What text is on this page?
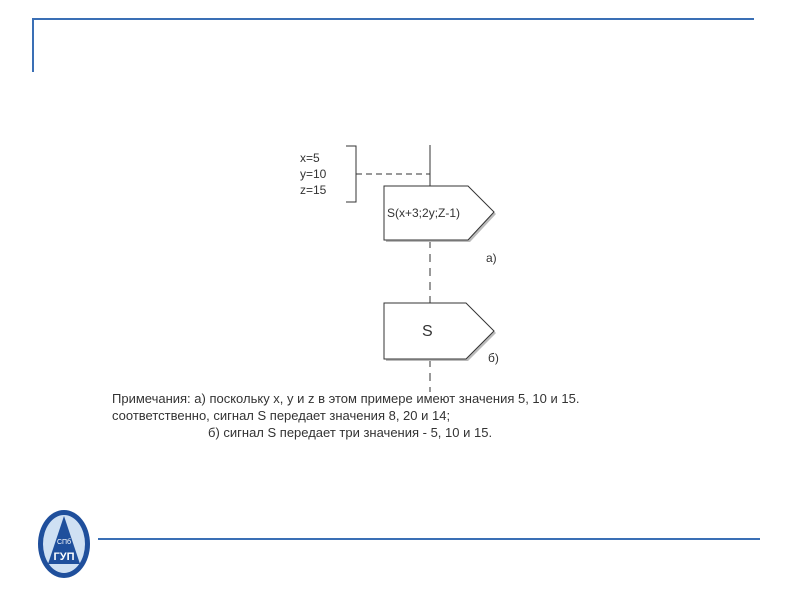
x=5
y=10
z=15
S(x+3;2y;Z-1)
а)
S
б)
Примечания: а) поскольку x, y и z в этом примере имеют значения 5, 10 и 15.
соответственно, сигнал S передает значения 8, 20 и 14;
б) сигнал S передает три значения - 5, 10 и 15.
СПб
ГУП
